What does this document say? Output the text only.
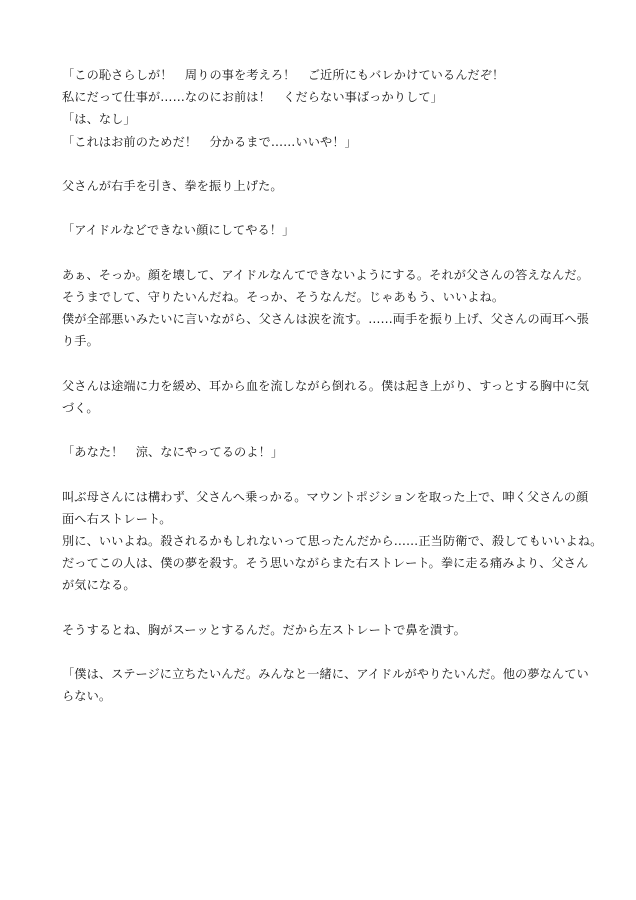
「この恥さらしが！　周りの事を考えろ！　ご近所にもバレかけているんだぞ！
私にだって仕事が……なのにお前は！　くだらない事ばっかりして」
「は、なし」
「これはお前のためだ！　分かるまで……いいや！」
父さんが右手を引き、拳を振り上げた。
「アイドルなどできない顔にしてやる！」
あぁ、そっか。顔を壊して、アイドルなんてできないようにする。それが父さんの答えなんだ。
そうまでして、守りたいんだね。そっか、そうなんだ。じゃあもう、いいよね。
僕が全部悪いみたいに言いながら、父さんは涙を流す。……両手を振り上げ、父さんの両耳へ張
り手。
父さんは途端に力を緩め、耳から血を流しながら倒れる。僕は起き上がり、すっとする胸中に気
づく。
「あなた！　涼、なにやってるのよ！」
叫ぶ母さんには構わず、父さんへ乗っかる。マウントポジションを取った上で、呻く父さんの顔
面へ右ストレート。
別に、いいよね。殺されるかもしれないって思ったんだから……正当防衛で、殺してもいいよね。
だってこの人は、僕の夢を殺す。そう思いながらまた右ストレート。拳に走る痛みより、父さん
が気になる。
そうするとね、胸がスーッとするんだ。だから左ストレートで鼻を潰す。
「僕は、ステージに立ちたいんだ。みんなと一緒に、アイドルがやりたいんだ。他の夢なんてい
らない。
